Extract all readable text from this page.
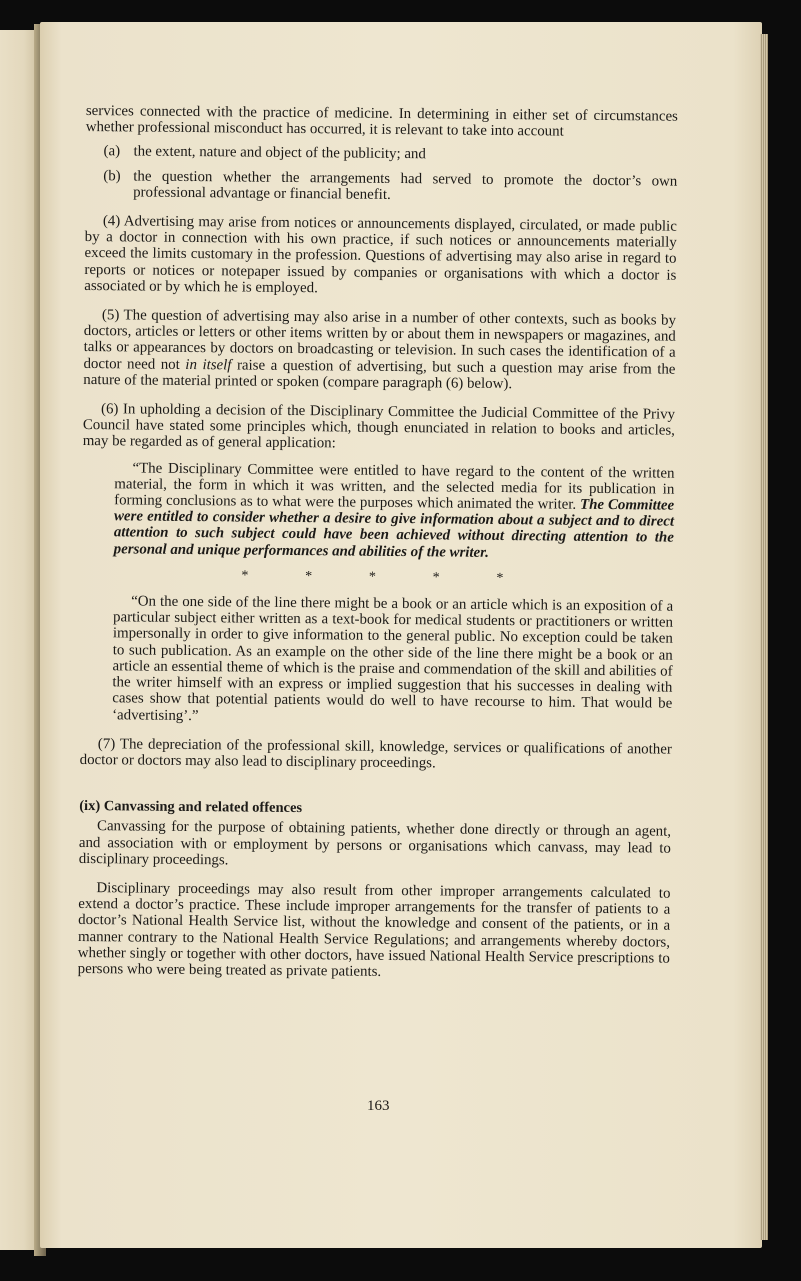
services connected with the practice of medicine. In determining in either set of circumstances whether professional misconduct has occurred, it is relevant to take into account

(a) the extent, nature and object of the publicity; and
(b) the question whether the arrangements had served to promote the doctor’s own professional advantage or financial benefit.

(4) Advertising may arise from notices or announcements displayed, circulated, or made public by a doctor in connection with his own practice, if such notices or announcements materially exceed the limits customary in the profession. Questions of advertising may also arise in regard to reports or notices or notepaper issued by companies or organisations with which a doctor is associated or by which he is employed.

(5) The question of advertising may also arise in a number of other contexts, such as books by doctors, articles or letters or other items written by or about them in newspapers or magazines, and talks or appearances by doctors on broadcasting or television. In such cases the identification of a doctor need not in itself raise a question of advertising, but such a question may arise from the nature of the material printed or spoken (compare paragraph (6) below).

(6) In upholding a decision of the Disciplinary Committee the Judicial Committee of the Privy Council have stated some principles which, though enunciated in relation to books and articles, may be regarded as of general application:

“The Disciplinary Committee were entitled to have regard to the content of the written material, the form in which it was written, and the selected media for its publication in forming conclusions as to what were the purposes which animated the writer. The Committee were entitled to consider whether a desire to give information about a subject and to direct attention to such subject could have been achieved without directing attention to the personal and unique performances and abilities of the writer.

*	*	*	*	*

“On the one side of the line there might be a book or an article which is an exposition of a particular subject either written as a text-book for medical students or practitioners or written impersonally in order to give information to the general public. No exception could be taken to such publication. As an example on the other side of the line there might be a book or an article an essential theme of which is the praise and commendation of the skill and abilities of the writer himself with an express or implied suggestion that his successes in dealing with cases show that potential patients would do well to have recourse to him. That would be ‘advertising’.”

(7) The depreciation of the professional skill, knowledge, services or qualifications of another doctor or doctors may also lead to disciplinary proceedings.

(ix) Canvassing and related offences

Canvassing for the purpose of obtaining patients, whether done directly or through an agent, and association with or employment by persons or organisations which canvass, may lead to disciplinary proceedings.

Disciplinary proceedings may also result from other improper arrangements calculated to extend a doctor’s practice. These include improper arrangements for the transfer of patients to a doctor’s National Health Service list, without the knowledge and consent of the patients, or in a manner contrary to the National Health Service Regulations; and arrangements whereby doctors, whether singly or together with other doctors, have issued National Health Service prescriptions to persons who were being treated as private patients.

163
